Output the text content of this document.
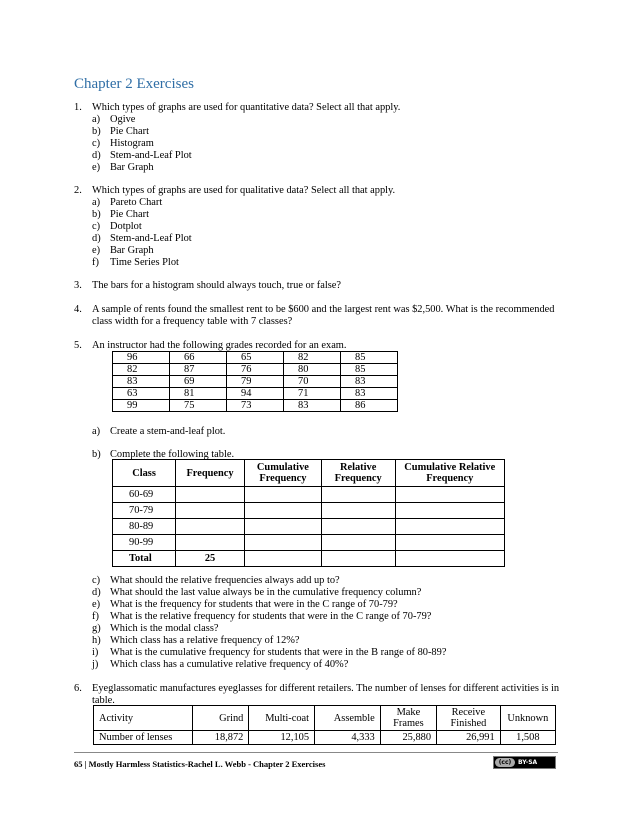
Chapter 2 Exercises
1. Which types of graphs are used for quantitative data? Select all that apply.
a) Ogive
b) Pie Chart
c) Histogram
d) Stem-and-Leaf Plot
e) Bar Graph
2. Which types of graphs are used for qualitative data? Select all that apply.
a) Pareto Chart
b) Pie Chart
c) Dotplot
d) Stem-and-Leaf Plot
e) Bar Graph
f)	Time Series Plot
3. The bars for a histogram should always touch, true or false?
4. A sample of rents found the smallest rent to be $600 and the largest rent was $2,500. What is the recommended class width for a frequency table with 7 classes?
5. An instructor had the following grades recorded for an exam.
96	66	65	82	85
82	87	76	80	85
83	69	79	70	83
63	81	94	71	83
99	75	73	83	86
a) Create a stem-and-leaf plot.
b) Complete the following table.
Class	Frequency	Cumulative Frequency	Relative Frequency	Cumulative Relative Frequency
60-69				
70-79				
80-89				
90-99				
Total	25			
c) What should the relative frequencies always add up to?
d) What should the last value always be in the cumulative frequency column?
e) What is the frequency for students that were in the C range of 70-79?
f)	What is the relative frequency for students that were in the C range of 70-79?
g) Which is the modal class?
h) Which class has a relative frequency of 12%?
i)	What is the cumulative frequency for students that were in the B range of 80-89?
j)	Which class has a cumulative relative frequency of 40%?
6. Eyeglassomatic manufactures eyeglasses for different retailers. The number of lenses for different activities is in table.
Activity	Grind	Multi-coat	Assemble	Make Frames	Receive Finished	Unknown
Number of lenses	18,872	12,105	4,333	25,880	26,991	1,508
65 | Mostly Harmless Statistics-Rachel L. Webb - Chapter 2 Exercises	(cc)	BY-SA
